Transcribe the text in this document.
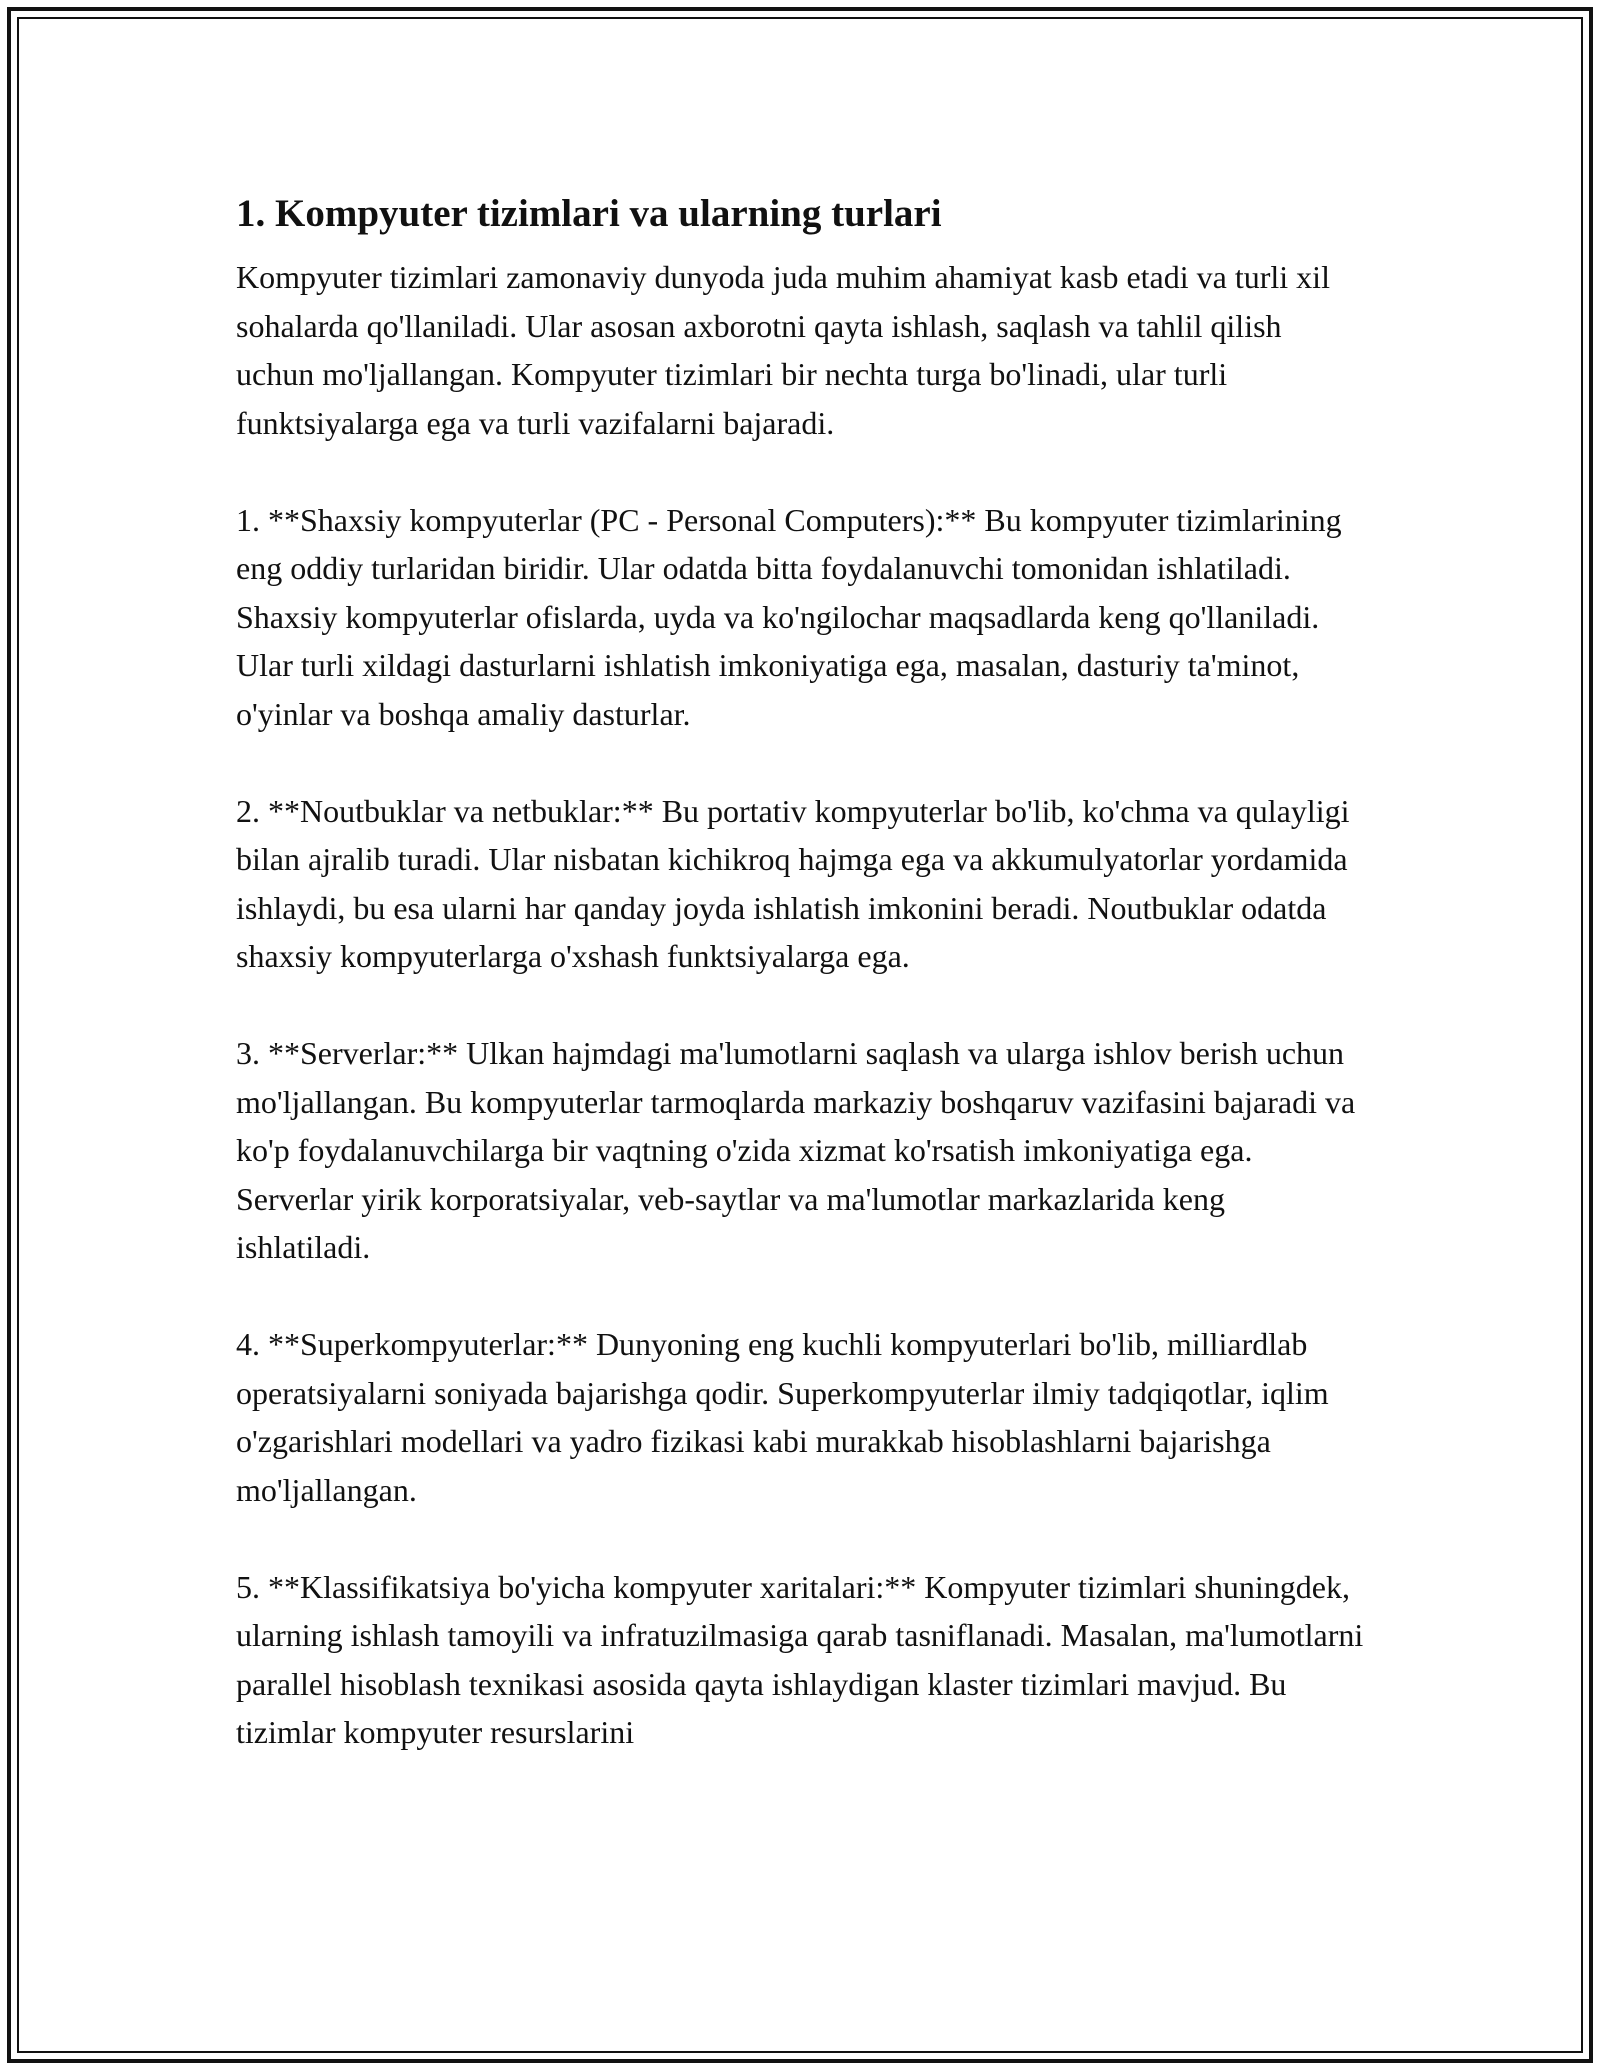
1. Kompyuter tizimlari va ularning turlari

Kompyuter tizimlari zamonaviy dunyoda juda muhim ahamiyat kasb etadi va turli xil sohalarda qo'llaniladi. Ular asosan axborotni qayta ishlash, saqlash va tahlil qilish uchun mo'ljallangan. Kompyuter tizimlari bir nechta turga bo'linadi, ular turli funktsiyalarga ega va turli vazifalarni bajaradi.

1. **Shaxsiy kompyuterlar (PC - Personal Computers):** Bu kompyuter tizimlarining eng oddiy turlaridan biridir. Ular odatda bitta foydalanuvchi tomonidan ishlatiladi. Shaxsiy kompyuterlar ofislarda, uyda va ko'ngilochar maqsadlarda keng qo'llaniladi. Ular turli xildagi dasturlarni ishlatish imkoniyatiga ega, masalan, dasturiy ta'minot, o'yinlar va boshqa amaliy dasturlar.

2. **Noutbuklar va netbuklar:** Bu portativ kompyuterlar bo'lib, ko'chma va qulayligi bilan ajralib turadi. Ular nisbatan kichikroq hajmga ega va akkumulyatorlar yordamida ishlaydi, bu esa ularni har qanday joyda ishlatish imkonini beradi. Noutbuklar odatda shaxsiy kompyuterlarga o'xshash funktsiyalarga ega.

3. **Serverlar:** Ulkan hajmdagi ma'lumotlarni saqlash va ularga ishlov berish uchun mo'ljallangan. Bu kompyuterlar tarmoqlarda markaziy boshqaruv vazifasini bajaradi va ko'p foydalanuvchilarga bir vaqtning o'zida xizmat ko'rsatish imkoniyatiga ega. Serverlar yirik korporatsiyalar, veb-saytlar va ma'lumotlar markazlarida keng ishlatiladi.

4. **Superkompyuterlar:** Dunyoning eng kuchli kompyuterlari bo'lib, milliardlab operatsiyalarni soniyada bajarishga qodir. Superkompyuterlar ilmiy tadqiqotlar, iqlim o'zgarishlari modellari va yadro fizikasi kabi murakkab hisoblashlarni bajarishga mo'ljallangan.

5. **Klassifikatsiya bo'yicha kompyuter xaritalari:** Kompyuter tizimlari shuningdek, ularning ishlash tamoyili va infratuzilmasiga qarab tasniflanadi. Masalan, ma'lumotlarni parallel hisoblash texnikasi asosida qayta ishlaydigan klaster tizimlari mavjud. Bu tizimlar kompyuter resurslarini
